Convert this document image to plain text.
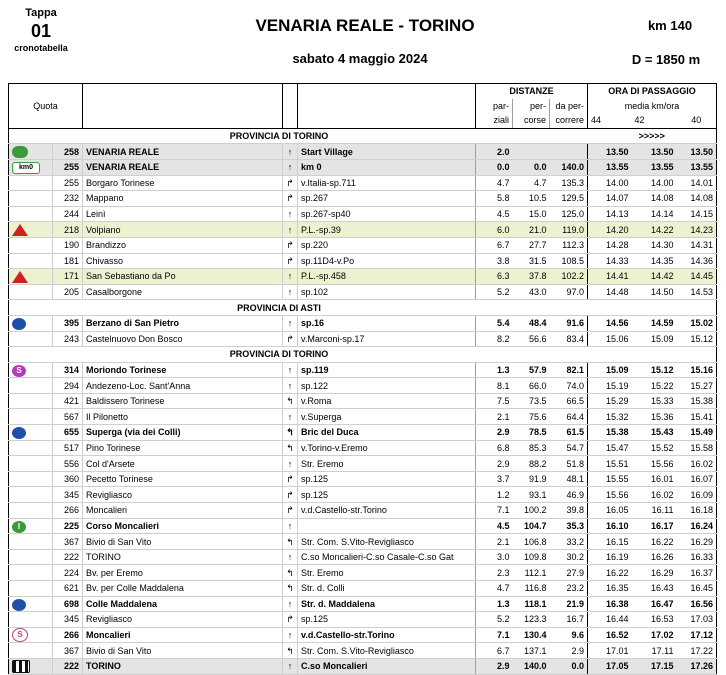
Tappa
01
cronotabella
VENARIA REALE - TORINO	km 140
sabato 4 maggio 2024	D = 1850 m
Quota					DISTANZE			ORA DI PASSAGGIO		
					par-	per-	da per-	media km/ora		
					ziali	corse	correre	44	42	40
		PROVINCIA DI TORINO						>>>>>		
	258	VENARIA REALE	↑	Start Village	2.0			13.50	13.50	13.50
km0	255	VENARIA REALE	↑	km 0	0.0	0.0	140.0	13.55	13.55	13.55
	255	Borgaro Torinese	↱	v.Italia-sp.711	4.7	4.7	135.3	14.00	14.00	14.01
	232	Mappano	↱	sp.267	5.8	10.5	129.5	14.07	14.08	14.08
	244	Leinì	↑	sp.267-sp40	4.5	15.0	125.0	14.13	14.14	14.15
	218	Volpiano	↑	P.L.-sp.39	6.0	21.0	119.0	14.20	14.22	14.23
	190	Brandizzo	↱	sp.220	6.7	27.7	112.3	14.28	14.30	14.31
	181	Chivasso	↱	sp.11D4-v.Po	3.8	31.5	108.5	14.33	14.35	14.36
	171	San Sebastiano da Po	↑	P.L.-sp.458	6.3	37.8	102.2	14.41	14.42	14.45
	205	Casalborgone	↑	sp.102	5.2	43.0	97.0	14.48	14.50	14.53
		PROVINCIA DI ASTI								
	395	Berzano di San Pietro	↑	sp.16	5.4	48.4	91.6	14.56	14.59	15.02
	243	Castelnuovo Don Bosco	↱	v.Marconi-sp.17	8.2	56.6	83.4	15.06	15.09	15.12
		PROVINCIA DI TORINO								
S	314	Moriondo Torinese	↑	sp.119	1.3	57.9	82.1	15.09	15.12	15.16
	294	Andezeno-Loc. Sant'Anna	↑	sp.122	8.1	66.0	74.0	15.19	15.22	15.27
	421	Baldissero Torinese	↰	v.Roma	7.5	73.5	66.5	15.29	15.33	15.38
	567	Il Pilonetto	↑	v.Superga	2.1	75.6	64.4	15.32	15.36	15.41
	655	Superga (via dei Colli)	↰	Bric del Duca	2.9	78.5	61.5	15.38	15.43	15.49
	517	Pino Torinese	↰	v.Torino-v.Eremo	6.8	85.3	54.7	15.47	15.52	15.58
	556	Col d'Arsete	↑	Str. Eremo	2.9	88.2	51.8	15.51	15.56	16.02
	360	Pecetto Torinese	↱	sp.125	3.7	91.9	48.1	15.55	16.01	16.07
	345	Revigliasco	↱	sp.125	1.2	93.1	46.9	15.56	16.02	16.09
	266	Moncalieri	↱	v.d.Castello-str.Torino	7.1	100.2	39.8	16.05	16.11	16.18
I	225	Corso Moncalieri	↑		4.5	104.7	35.3	16.10	16.17	16.24
	367	Bivio di San Vito	↰	Str. Com. S.Vito-Revigliasco	2.1	106.8	33.2	16.15	16.22	16.29
	222	TORINO	↑	C.so Moncalieri-C.so Casale-C.so Gat	3.0	109.8	30.2	16.19	16.26	16.33
	224	Bv. per Eremo	↰	Str. Eremo	2.3	112.1	27.9	16.22	16.29	16.37
	621	Bv. per Colle Maddalena	↰	Str. d. Colli	4.7	116.8	23.2	16.35	16.43	16.45
	698	Colle Maddalena	↑	Str. d. Maddalena	1.3	118.1	21.9	16.38	16.47	16.56
	345	Revigliasco	↱	sp.125	5.2	123.3	16.7	16.44	16.53	17.03
S	266	Moncalieri	↑	v.d.Castello-str.Torino	7.1	130.4	9.6	16.52	17.02	17.12
	367	Bivio di San Vito	↰	Str. Com. S.Vito-Revigliasco	6.7	137.1	2.9	17.01	17.11	17.22
	222	TORINO	↑	C.so Moncalieri	2.9	140.0	0.0	17.05	17.15	17.26
